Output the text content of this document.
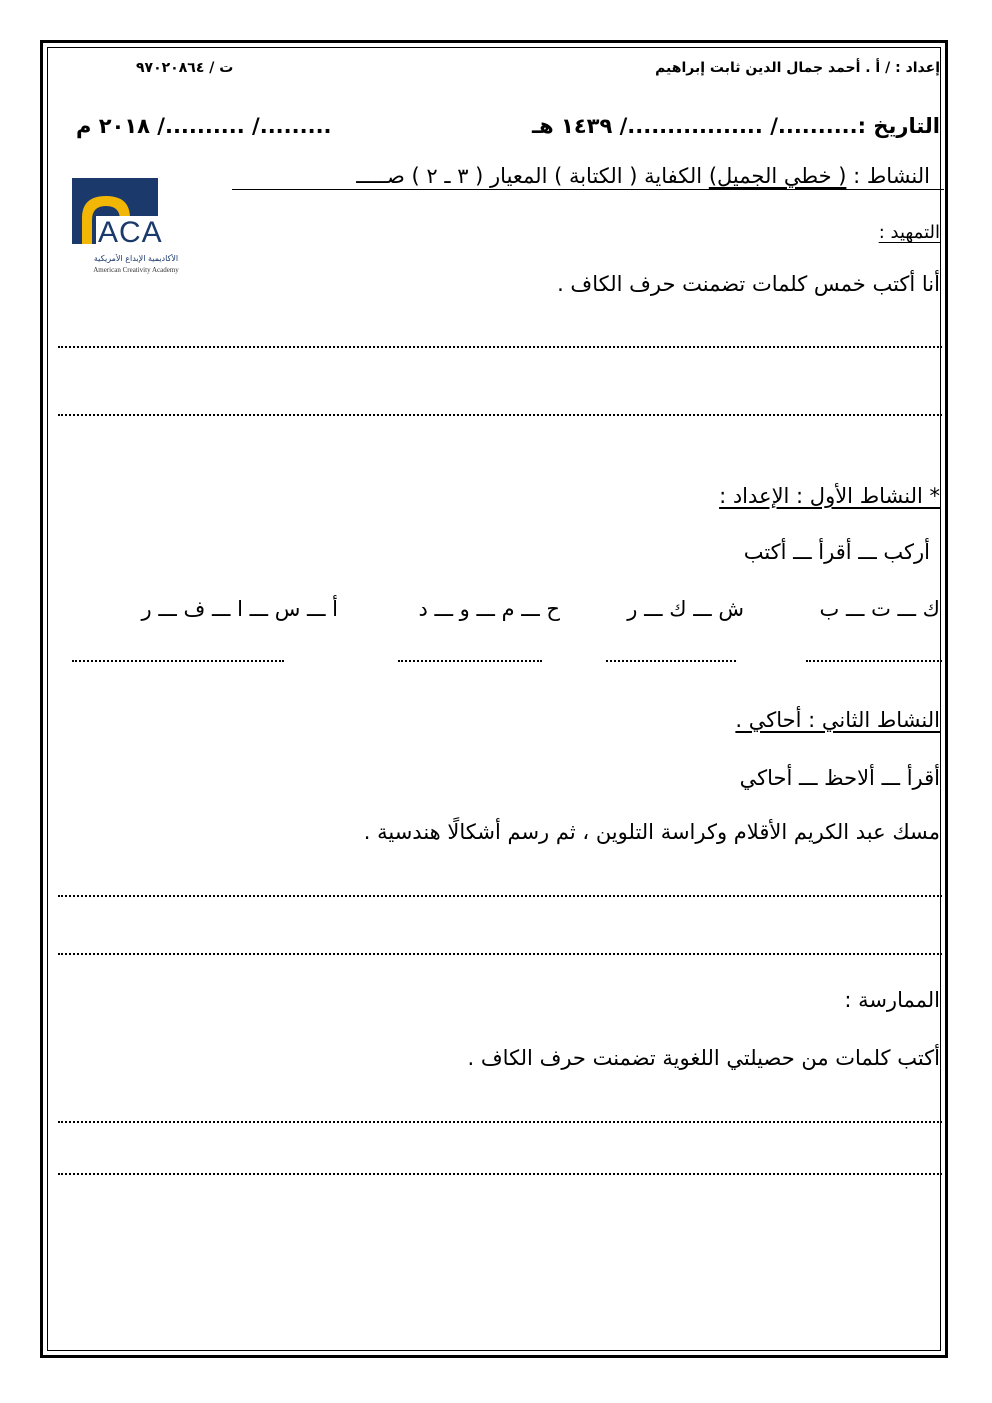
إعداد : / أ . أحمد جمال الدين ثابت إبراهيم
ت / ٩٧٠٢٠٨٦٤
التاريخ :........../ ................./ ١٤٣٩ هـ
........./ ........../ ٢٠١٨ م
النشاط : ( خطي الجميل) الكفاية ( الكتابة ) المعيار ( ٣ ـ ٢ ) صـــــ
ACA
الأكاديمية الإبداع الأمريكية
American Creativity Academy
التمهيد :
أنا أكتب خمس كلمات تضمنت حرف الكاف .
* النشاط الأول : الإعداد :
أركب ـــ أقرأ ـــ أكتب
ك ـــ ت ـــ ب
ش ـــ ك ـــ ر
ح ـــ م ـــ و ـــ د
أ ـــ س ـــ ا ـــ ف ـــ ر
النشاط الثاني : أحاكي .
أقرأ ـــ ألاحظ ـــ أحاكي
مسك عبد الكريم الأقلام وكراسة التلوين ، ثم رسم أشكالًا هندسية .
الممارسة :
أكتب كلمات من حصيلتي اللغوية تضمنت حرف الكاف .
